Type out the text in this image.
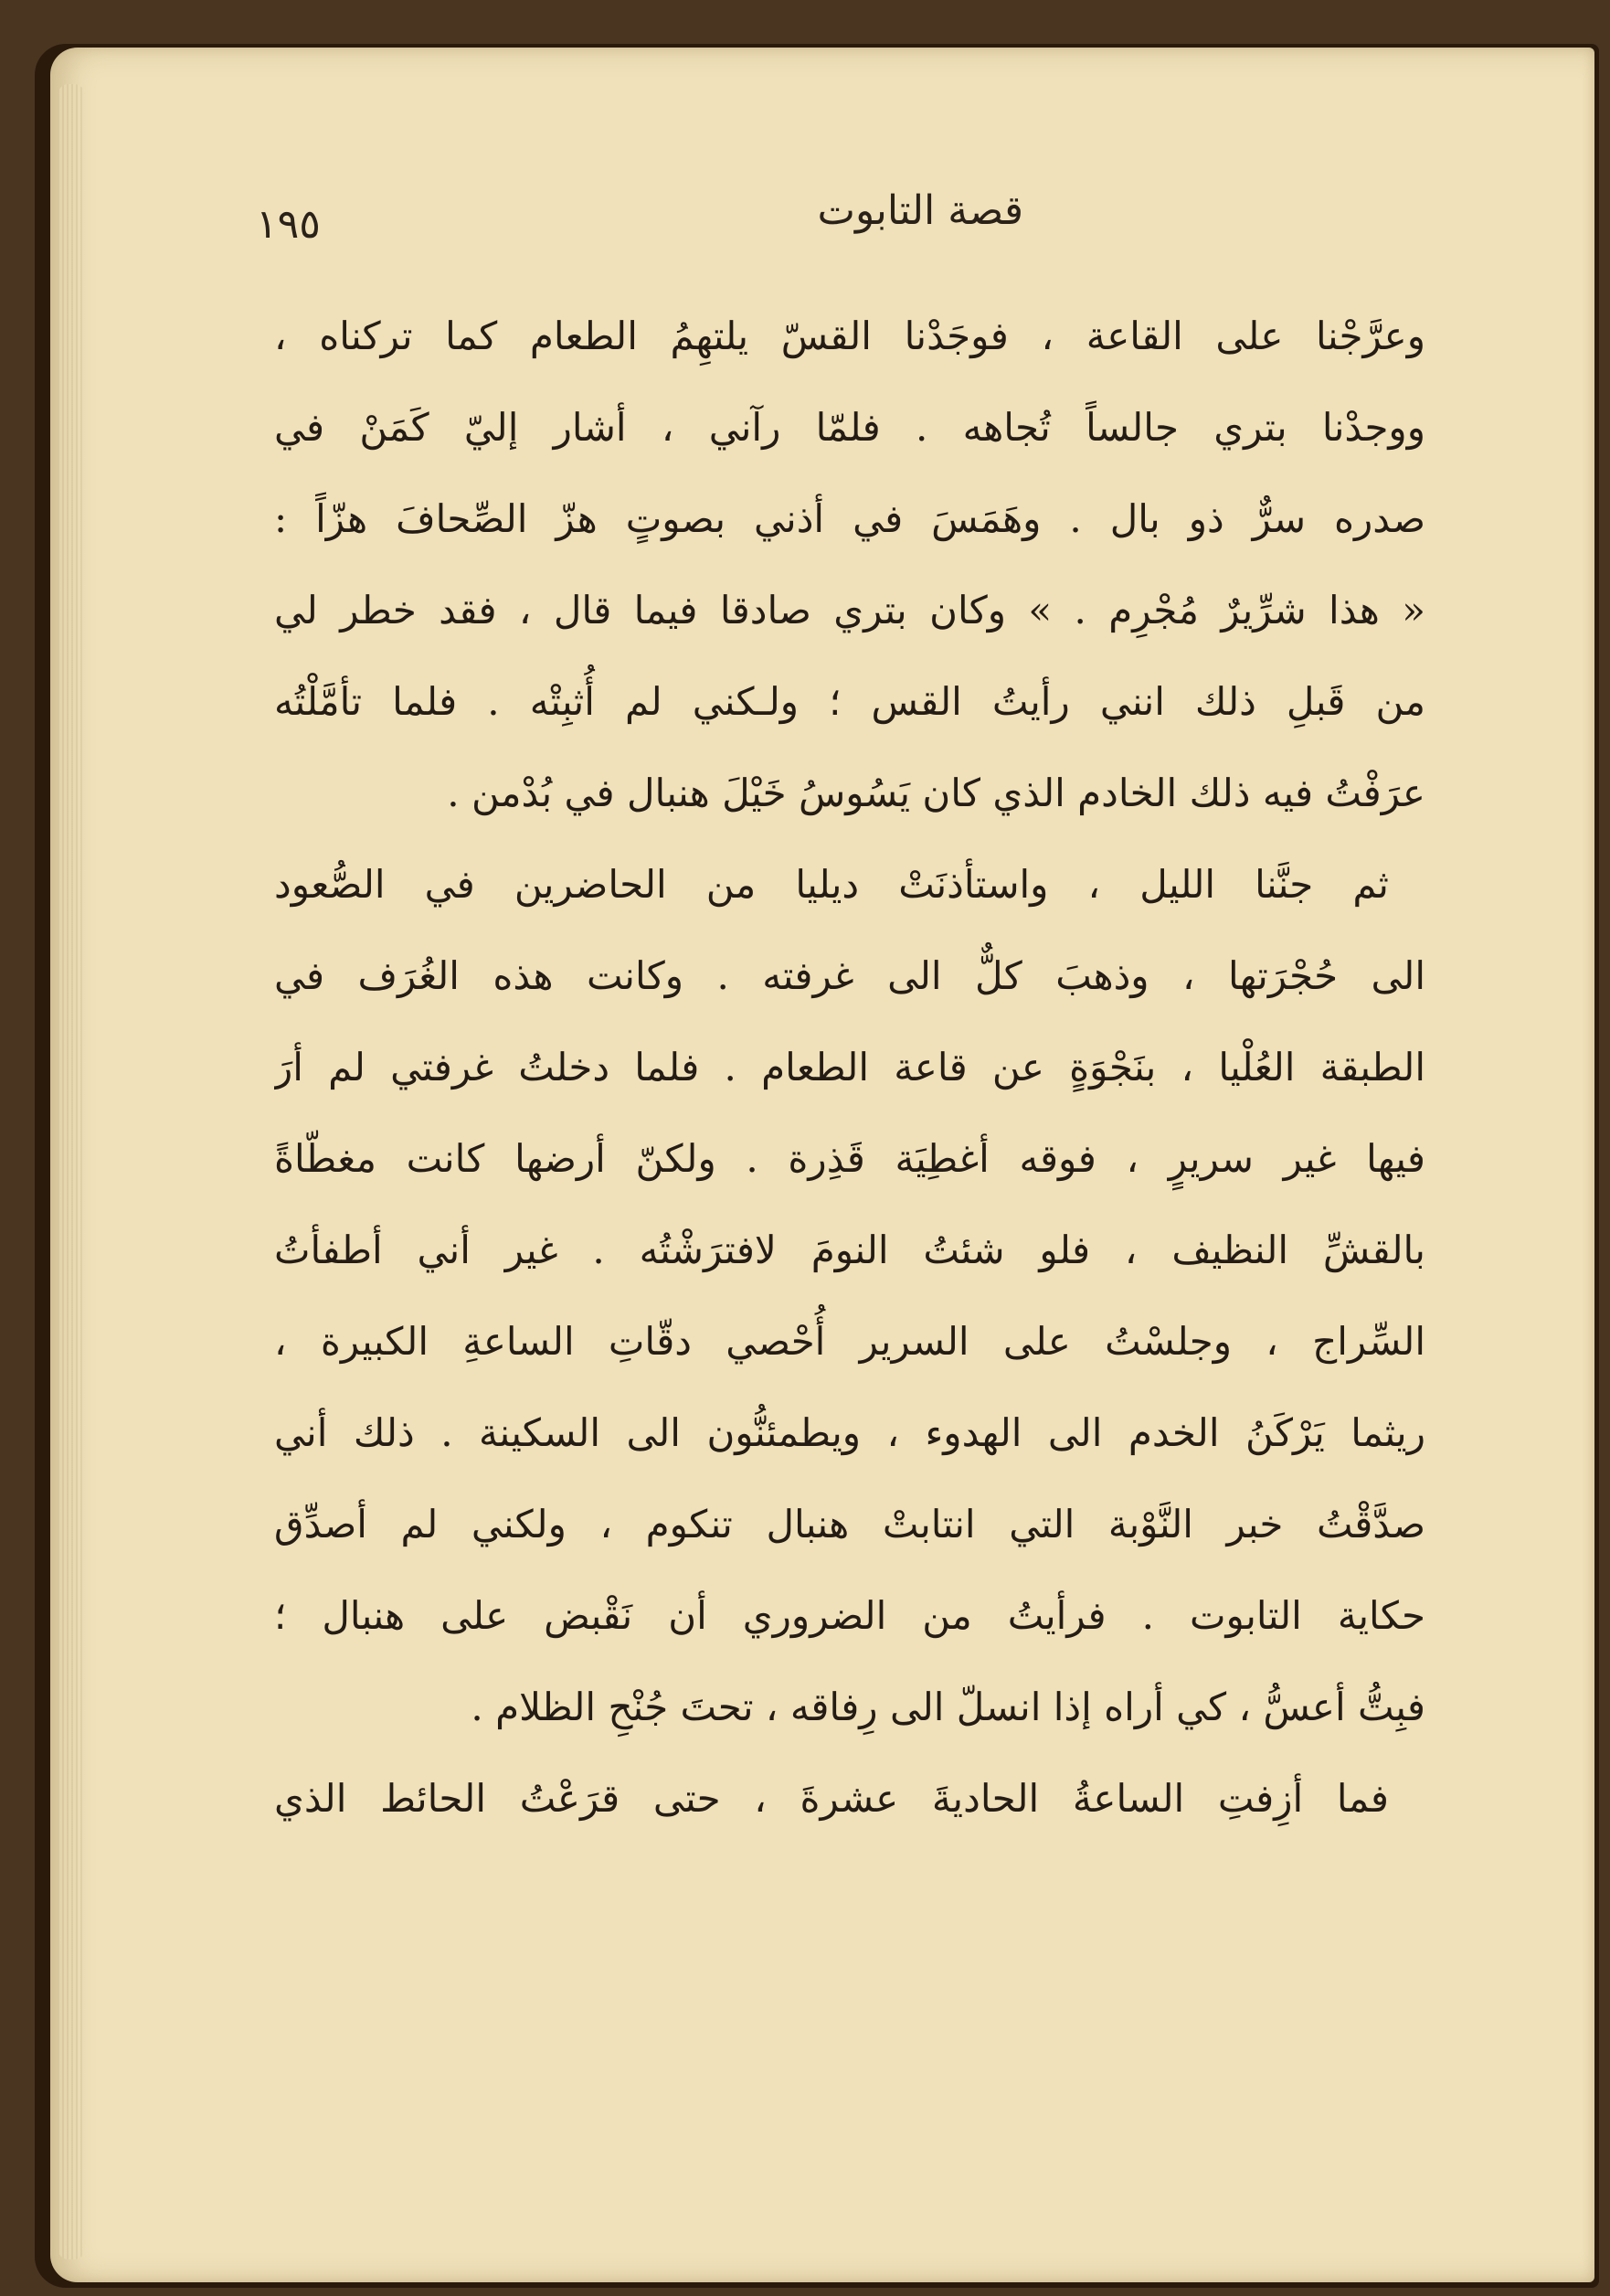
قصة التابوت
١٩٥
وعرَّجْنا على القاعة ، فوجَدْنا القسّ يلتهِمُ الطعام كما تركناه ،
ووجدْنا بتري جالساً تُجاهه . فلمّا رآني ، أشار إليّ كَمَنْ في
صدره سرٌّ ذو بال . وهَمَسَ في أذني بصوتٍ هزّ الصِّحافَ هزّاً :
« هذا شرِّيرٌ مُجْرِم . » وكان بتري صادقا فيما قال ، فقد خطر لي
من قَبلِ ذلك انني رأيتُ القس ؛ ولـكني لم أُثبِتْه . فلما تأمَّلْتُه
عرَفْتُ فيه ذلك الخادم الذي كان يَسُوسُ خَيْلَ هنبال في بُدْمن .
ثم جنَّنا الليل ، واستأذنَتْ ديليا من الحاضرين في الصُّعود
الى حُجْرَتها ، وذهبَ كلٌّ الى غرفته . وكانت هذه الغُرَف في
الطبقة العُلْيا ، بنَجْوَةٍ عن قاعة الطعام . فلما دخلتُ غرفتي لم أرَ
فيها غير سريرٍ ، فوقه أغطِيَة قَذِرة . ولكنّ أرضها كانت مغطّاةً
بالقشِّ النظيف ، فلو شئتُ النومَ لافترَشْتُه . غير أني أطفأتُ
السِّراج ، وجلسْتُ على السرير أُحْصي دقّاتِ الساعةِ الكبيرة ،
ريثما يَرْكَنُ الخدم الى الهدوء ، ويطمئنُّون الى السكينة . ذلك أني
صدَّقْتُ خبر النَّوْبة التي انتابتْ هنبال تنكوم ، ولكني لم أصدِّق
حكاية التابوت . فرأيتُ من الضروري أن نَقْبض على هنبال ؛
فبِتُّ أعسُّ ، كي أراه إذا انسلّ الى رِفاقه ، تحتَ جُنْحِ الظلام .
فما أزِفتِ الساعةُ الحاديةَ عشرةَ ، حتى قرَعْتُ الحائط الذي
